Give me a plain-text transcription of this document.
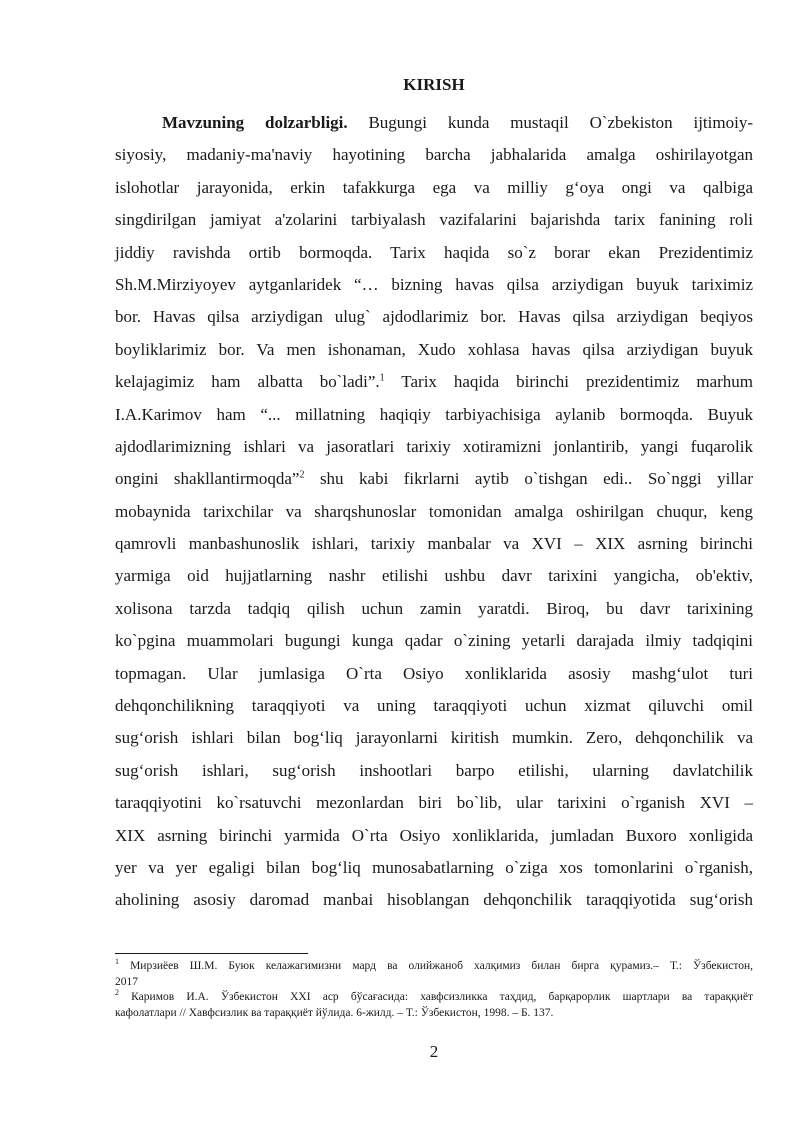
KIRISH
Mavzuning dolzarbligi. Bugungi kunda mustaqil O`zbekiston ijtimoiy-
siyosiy, madaniy-ma'naviy hayotining barcha jabhalarida amalga oshirilayotgan
islohotlar jarayonida, erkin tafakkurga ega va milliy g‘oya ongi va qalbiga
singdirilgan jamiyat a'zolarini tarbiyalash vazifalarini bajarishda tarix fanining roli
jiddiy ravishda ortib bormoqda. Tarix haqida so`z borar ekan Prezidentimiz
Sh.M.Mirziyoyev aytganlaridek “… bizning havas qilsa arziydigan buyuk tariximiz
bor. Havas qilsa arziydigan ulug` ajdodlarimiz bor. Havas qilsa arziydigan beqiyos
boyliklarimiz bor. Va men ishonaman, Xudo xohlasa havas qilsa arziydigan buyuk
kelajagimiz ham albatta bo`ladi”.$^1$ Tarix haqida birinchi prezidentimiz marhum
I.A.Karimov ham “... millatning haqiqiy tarbiyachisiga aylanib bormoqda. Buyuk
ajdodlarimizning ishlari va jasoratlari tarixiy xotiramizni jonlantirib, yangi fuqarolik
ongini shakllantirmoqda”$^2$ shu kabi fikrlarni aytib o`tishgan edi.. So`nggi yillar
mobaynida tarixchilar va sharqshunoslar tomonidan amalga oshirilgan chuqur, keng
qamrovli manbashunoslik ishlari, tarixiy manbalar va XVI – XIX asrning birinchi
yarmiga oid hujjatlarning nashr etilishi ushbu davr tarixini yangicha, ob'ektiv,
xolisona tarzda tadqiq qilish uchun zamin yaratdi. Biroq, bu davr tarixining
ko`pgina muammolari bugungi kunga qadar o`zining yetarli darajada ilmiy tadqiqini
topmagan. Ular jumlasiga O`rta Osiyo xonliklarida asosiy mashg‘ulot turi
dehqonchilikning taraqqiyoti va uning taraqqiyoti uchun xizmat qiluvchi omil
sug‘orish ishlari bilan bog‘liq jarayonlarni kiritish mumkin. Zero, dehqonchilik va
sug‘orish ishlari, sug‘orish inshootlari barpo etilishi, ularning davlatchilik
taraqqiyotini ko`rsatuvchi mezonlardan biri bo`lib, ular tarixini o`rganish XVI –
XIX asrning birinchi yarmida O`rta Osiyo xonliklarida, jumladan Buxoro xonligida
yer va yer egaligi bilan bog‘liq munosabatlarning o`ziga xos tomonlarini o`rganish,
aholining asosiy daromad manbai hisoblangan dehqonchilik taraqqiyotida sug‘orish
$^1$ Мирзиёев Ш.М. Буюк келажагимизни мард ва олийжаноб халқимиз билан бирга қурамиз.– Т.: Ўзбекистон,
2017
$^2$ Каримов И.А. Ўзбекистон XXI аср бўсағасида: хавфсизликка таҳдид, барқарорлик шартлари ва тараққиёт
кафолатлари // Хавфсизлик ва тараққиёт йўлида. 6-жилд. – Т.: Ўзбекистон, 1998. – Б. 137.
2
